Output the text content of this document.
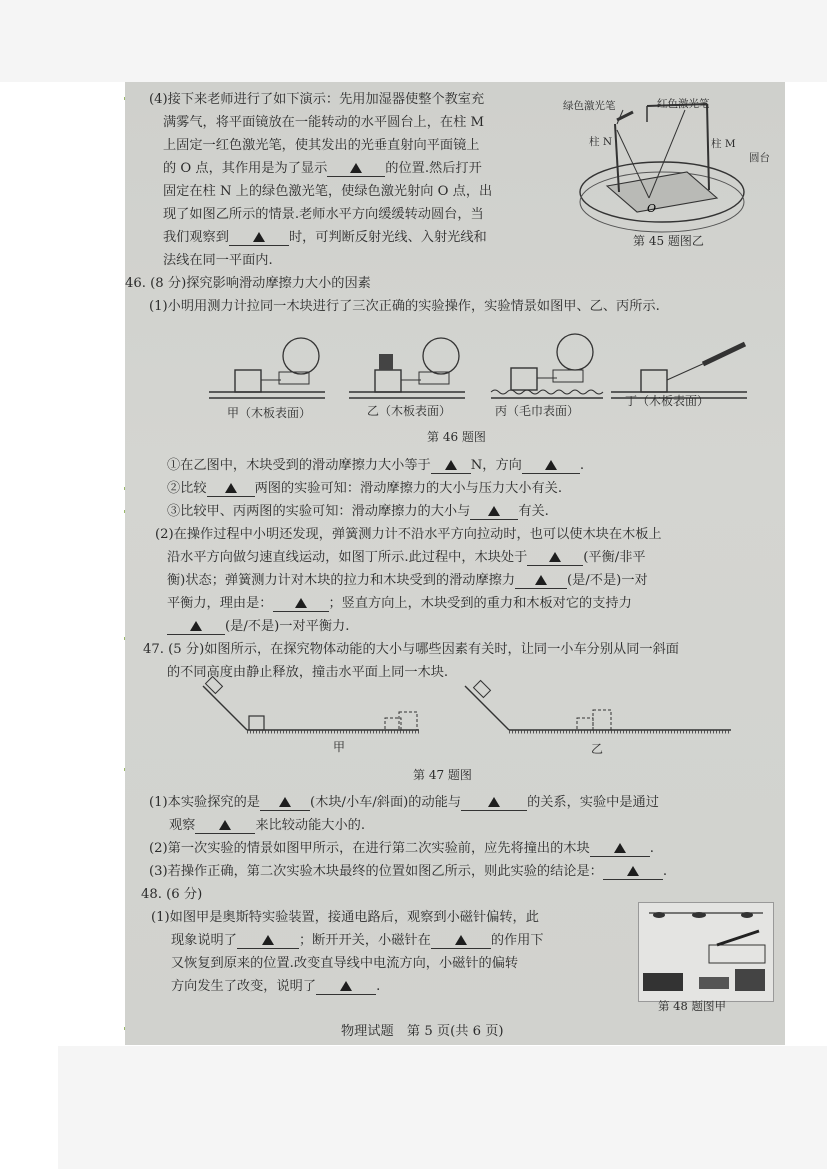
(4)接下来老师进行了如下演示：先用加湿器使整个教室充
满雾气，将平面镜放在一能转动的水平圆台上，在柱 M
上固定一红色激光笔，使其发出的光垂直射向平面镜上
的 O 点，其作用是为了显示	的位置.然后打开
固定在柱 N 上的绿色激光笔，使绿色激光射向 O 点，出
现了如图乙所示的情景.老师水平方向缓缓转动圆台，当
我们观察到	时，可判断反射光线、入射光线和
法线在同一平面内.
O
绿色激光笔	红色激光笔
柱 N	柱 M
圆台
第 45 题图乙
46. (8 分)探究影响滑动摩擦力大小的因素
(1)小明用测力计拉同一木块进行了三次正确的实验操作，实验情景如图甲、乙、丙所示.
甲（木板表面）	乙（木板表面）	丙（毛巾表面）
丁（木板表面）
第 46 题图
①在乙图中，木块受到的滑动摩擦力大小等于	N，方向	.
②比较	两图的实验可知：滑动摩擦力的大小与压力大小有关.
③比较甲、丙两图的实验可知：滑动摩擦力的大小与	有关.
(2)在操作过程中小明还发现，弹簧测力计不沿水平方向拉动时，也可以使木块在木板上
沿水平方向做匀速直线运动，如图丁所示.此过程中，木块处于	(平衡/非平
衡)状态；弹簧测力计对木块的拉力和木块受到的滑动摩擦力	(是/不是)一对
平衡力，理由是：	；竖直方向上，木块受到的重力和木板对它的支持力
(是/不是)一对平衡力.
47. (5 分)如图所示，在探究物体动能的大小与哪些因素有关时，让同一小车分别从同一斜面
的不同高度由静止释放，撞击水平面上同一木块.
甲	乙
第 47 题图
(1)本实验探究的是	(木块/小车/斜面)的动能与	的关系，实验中是通过
观察	来比较动能大小的.
(2)第一次实验的情景如图甲所示，在进行第二次实验前，应先将撞出的木块	.
(3)若操作正确，第二次实验木块最终的位置如图乙所示，则此实验的结论是：	.
48. (6 分)
(1)如图甲是奥斯特实验装置，接通电路后，观察到小磁针偏转，此
现象说明了	；断开开关，小磁针在	的作用下
又恢复到原来的位置.改变直导线中电流方向，小磁针的偏转
方向发生了改变，说明了	.
第 48 题图甲
物理试题　第 5 页(共 6 页)
